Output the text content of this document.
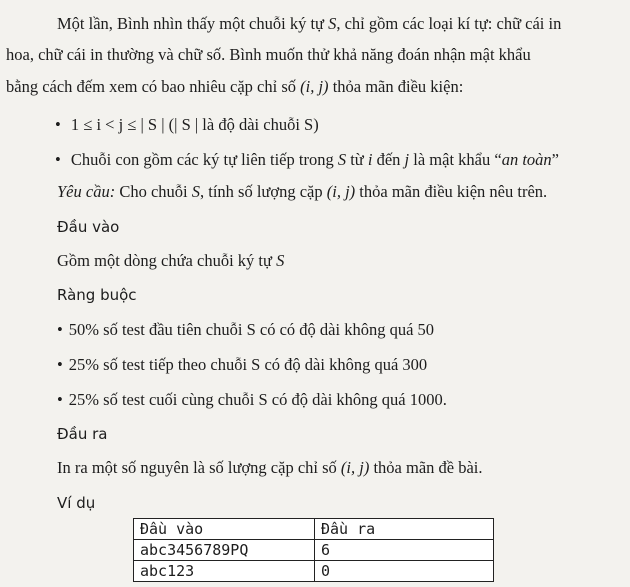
Một lần, Bình nhìn thấy một chuỗi ký tự S, chỉ gồm các loại kí tự: chữ cái in
hoa, chữ cái in thường và chữ số. Bình muốn thử khả năng đoán nhận mật khẩu
bằng cách đếm xem có bao nhiêu cặp chỉ số (i, j) thỏa mãn điều kiện:
• 1 ≤ i < j ≤ | S | (| S | là độ dài chuỗi S)
• Chuỗi con gồm các ký tự liên tiếp trong S từ i đến j là mật khẩu “an toàn”
Yêu cầu: Cho chuỗi S, tính số lượng cặp (i, j) thỏa mãn điều kiện nêu trên.
Đầu vào
Gồm một dòng chứa chuỗi ký tự S
Ràng buộc
• 50% số test đầu tiên chuỗi S có có độ dài không quá 50
• 25% số test tiếp theo chuỗi S có độ dài không quá 300
• 25% số test cuối cùng chuỗi S có độ dài không quá 1000.
Đầu ra
In ra một số nguyên là số lượng cặp chỉ số (i, j) thỏa mãn đề bài.
Ví dụ
Đầu vào	Đầu ra
abc3456789PQ	6
abc123	0
